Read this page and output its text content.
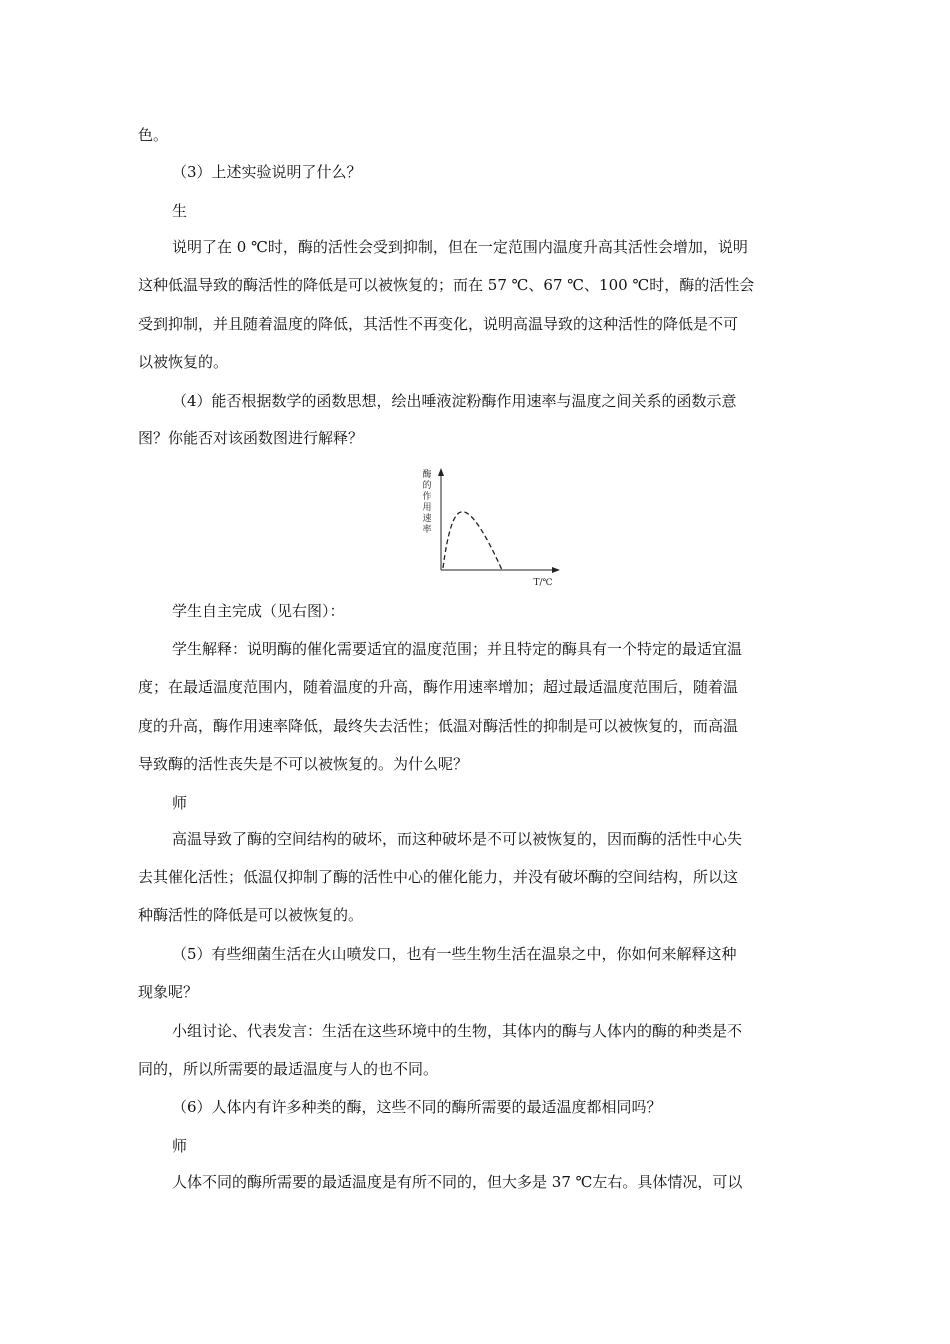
色。

（3）上述实验说明了什么？

生

说明了在 0 ℃时，酶的活性会受到抑制，但在一定范围内温度升高其活性会增加，说明

这种低温导致的酶活性的降低是可以被恢复的；而在 57 ℃、67 ℃、100 ℃时，酶的活性会

受到抑制，并且随着温度的降低，其活性不再变化，说明高温导致的这种活性的降低是不可

以被恢复的。

（4）能否根据数学的函数思想，绘出唾液淀粉酶作用速率与温度之间关系的函数示意

图？你能否对该函数图进行解释？

酶
的
作
用
速
率
T/℃

学生自主完成（见右图）：

学生解释：说明酶的催化需要适宜的温度范围；并且特定的酶具有一个特定的最适宜温

度；在最适温度范围内，随着温度的升高，酶作用速率增加；超过最适温度范围后，随着温

度的升高，酶作用速率降低，最终失去活性；低温对酶活性的抑制是可以被恢复的，而高温

导致酶的活性丧失是不可以被恢复的。为什么呢？

师

高温导致了酶的空间结构的破坏，而这种破坏是不可以被恢复的，因而酶的活性中心失

去其催化活性；低温仅抑制了酶的活性中心的催化能力，并没有破坏酶的空间结构，所以这

种酶活性的降低是可以被恢复的。

（5）有些细菌生活在火山喷发口，也有一些生物生活在温泉之中，你如何来解释这种

现象呢？

小组讨论、代表发言：生活在这些环境中的生物，其体内的酶与人体内的酶的种类是不

同的，所以所需要的最适温度与人的也不同。

（6）人体内有许多种类的酶，这些不同的酶所需要的最适温度都相同吗？

师

人体不同的酶所需要的最适温度是有所不同的，但大多是 37 ℃左右。具体情况，可以
